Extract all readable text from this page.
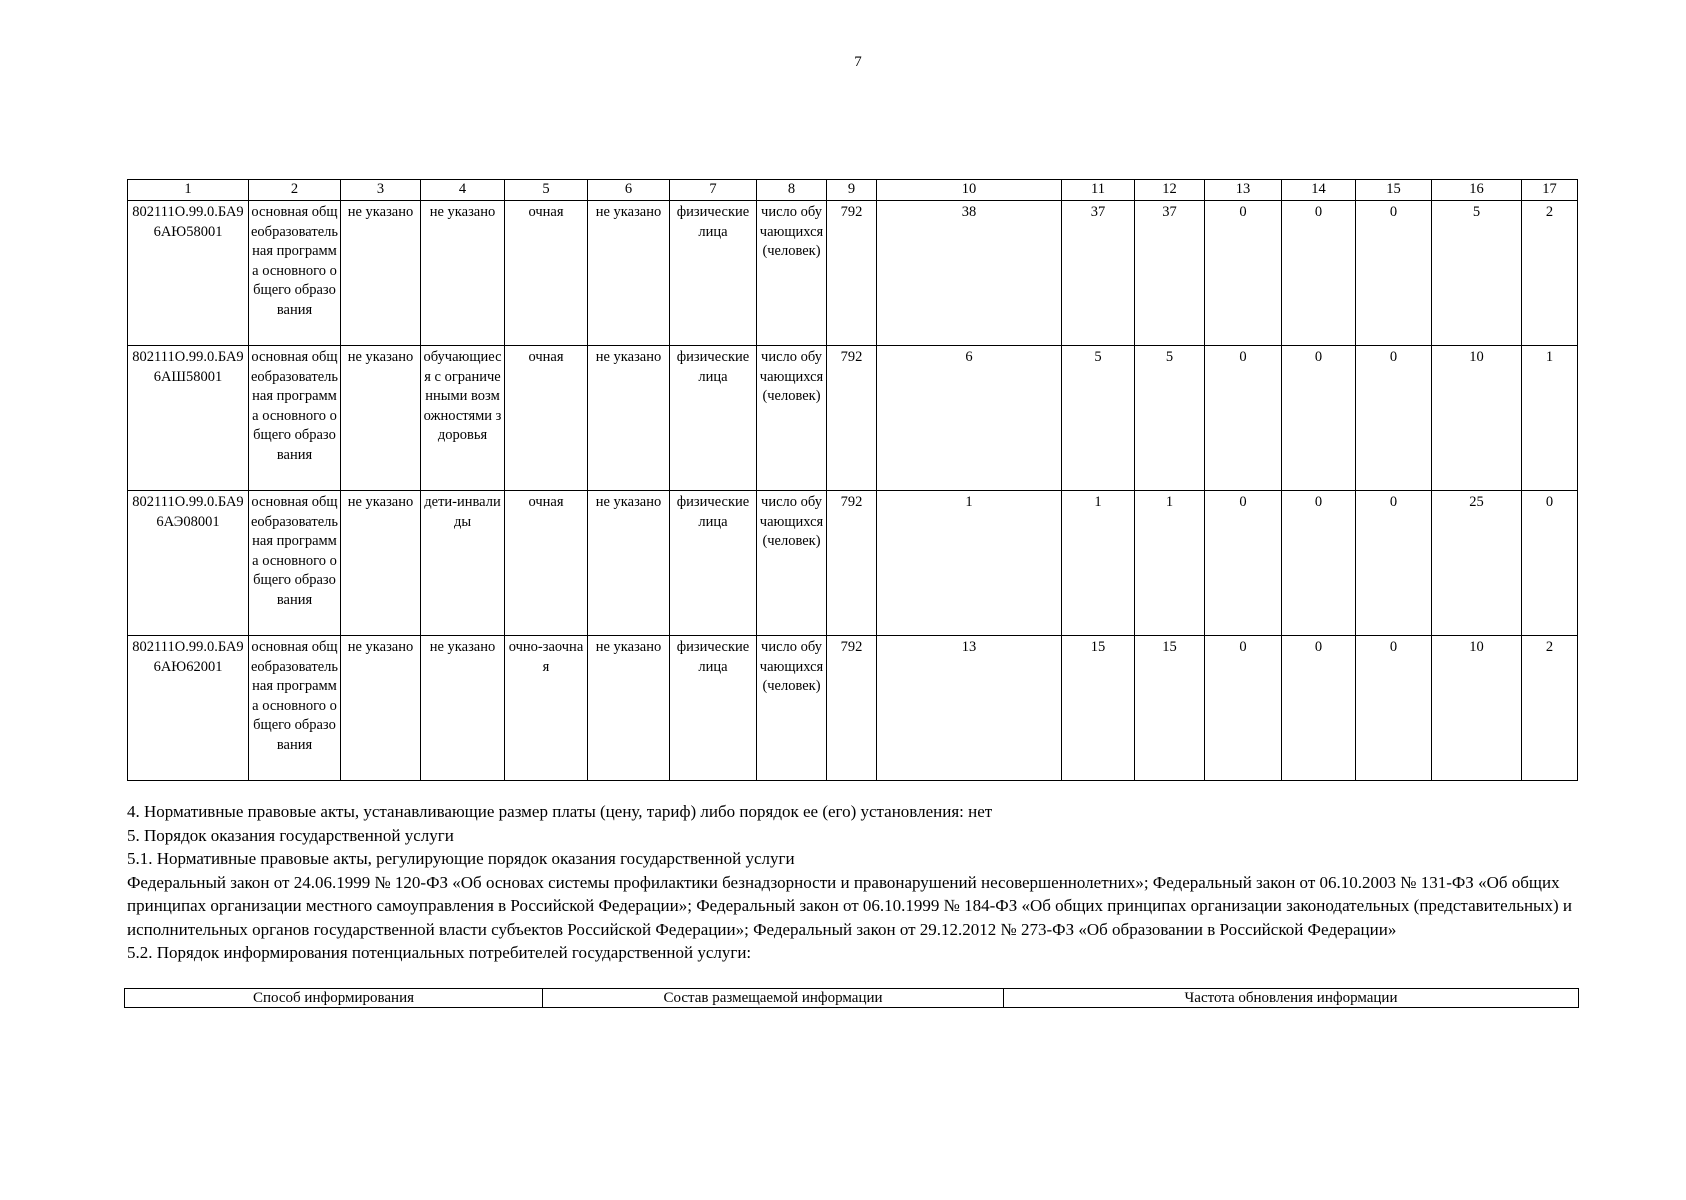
7
1	2	3	4	5	6	7	8	9	10	11	12	13	14	15	16	17
802111О.99.0.БА96АЮ58001	основная общеобразовательная программа основного общего образования	не указано	не указано	очная	не указано	физические лица	число обучающихся (человек)	792	38	37	37	0	0	0	5	2
802111О.99.0.БА96АШ58001	основная общеобразовательная программа основного общего образования	не указано	обучающиеся с ограниченными возможностями здоровья	очная	не указано	физические лица	число обучающихся (человек)	792	6	5	5	0	0	0	10	1
802111О.99.0.БА96АЭ08001	основная общеобразовательная программа основного общего образования	не указано	дети-инвалиды	очная	не указано	физические лица	число обучающихся (человек)	792	1	1	1	0	0	0	25	0
802111О.99.0.БА96АЮ62001	основная общеобразовательная программа основного общего образования	не указано	не указано	очно-заочная	не указано	физические лица	число обучающихся (человек)	792	13	15	15	0	0	0	10	2

4. Нормативные правовые акты, устанавливающие размер платы (цену, тариф) либо порядок ее (его) установления: нет

5. Порядок оказания государственной услуги

5.1. Нормативные правовые акты, регулирующие порядок оказания государственной услуги

Федеральный закон от 24.06.1999 № 120-ФЗ «Об основах системы профилактики безнадзорности и правонарушений несовершеннолетних»; Федеральный закон от 06.10.2003 № 131-ФЗ «Об общих принципах организации местного самоуправления в Российской Федерации»; Федеральный закон от 06.10.1999 № 184-ФЗ «Об общих принципах организации законодательных (представительных) и исполнительных органов государственной власти субъектов Российской Федерации»; Федеральный закон от 29.12.2012 № 273-ФЗ «Об образовании в Российской Федерации»

5.2. Порядок информирования потенциальных потребителей государственной услуги:

Способ информирования	Состав размещаемой информации	Частота обновления информации
